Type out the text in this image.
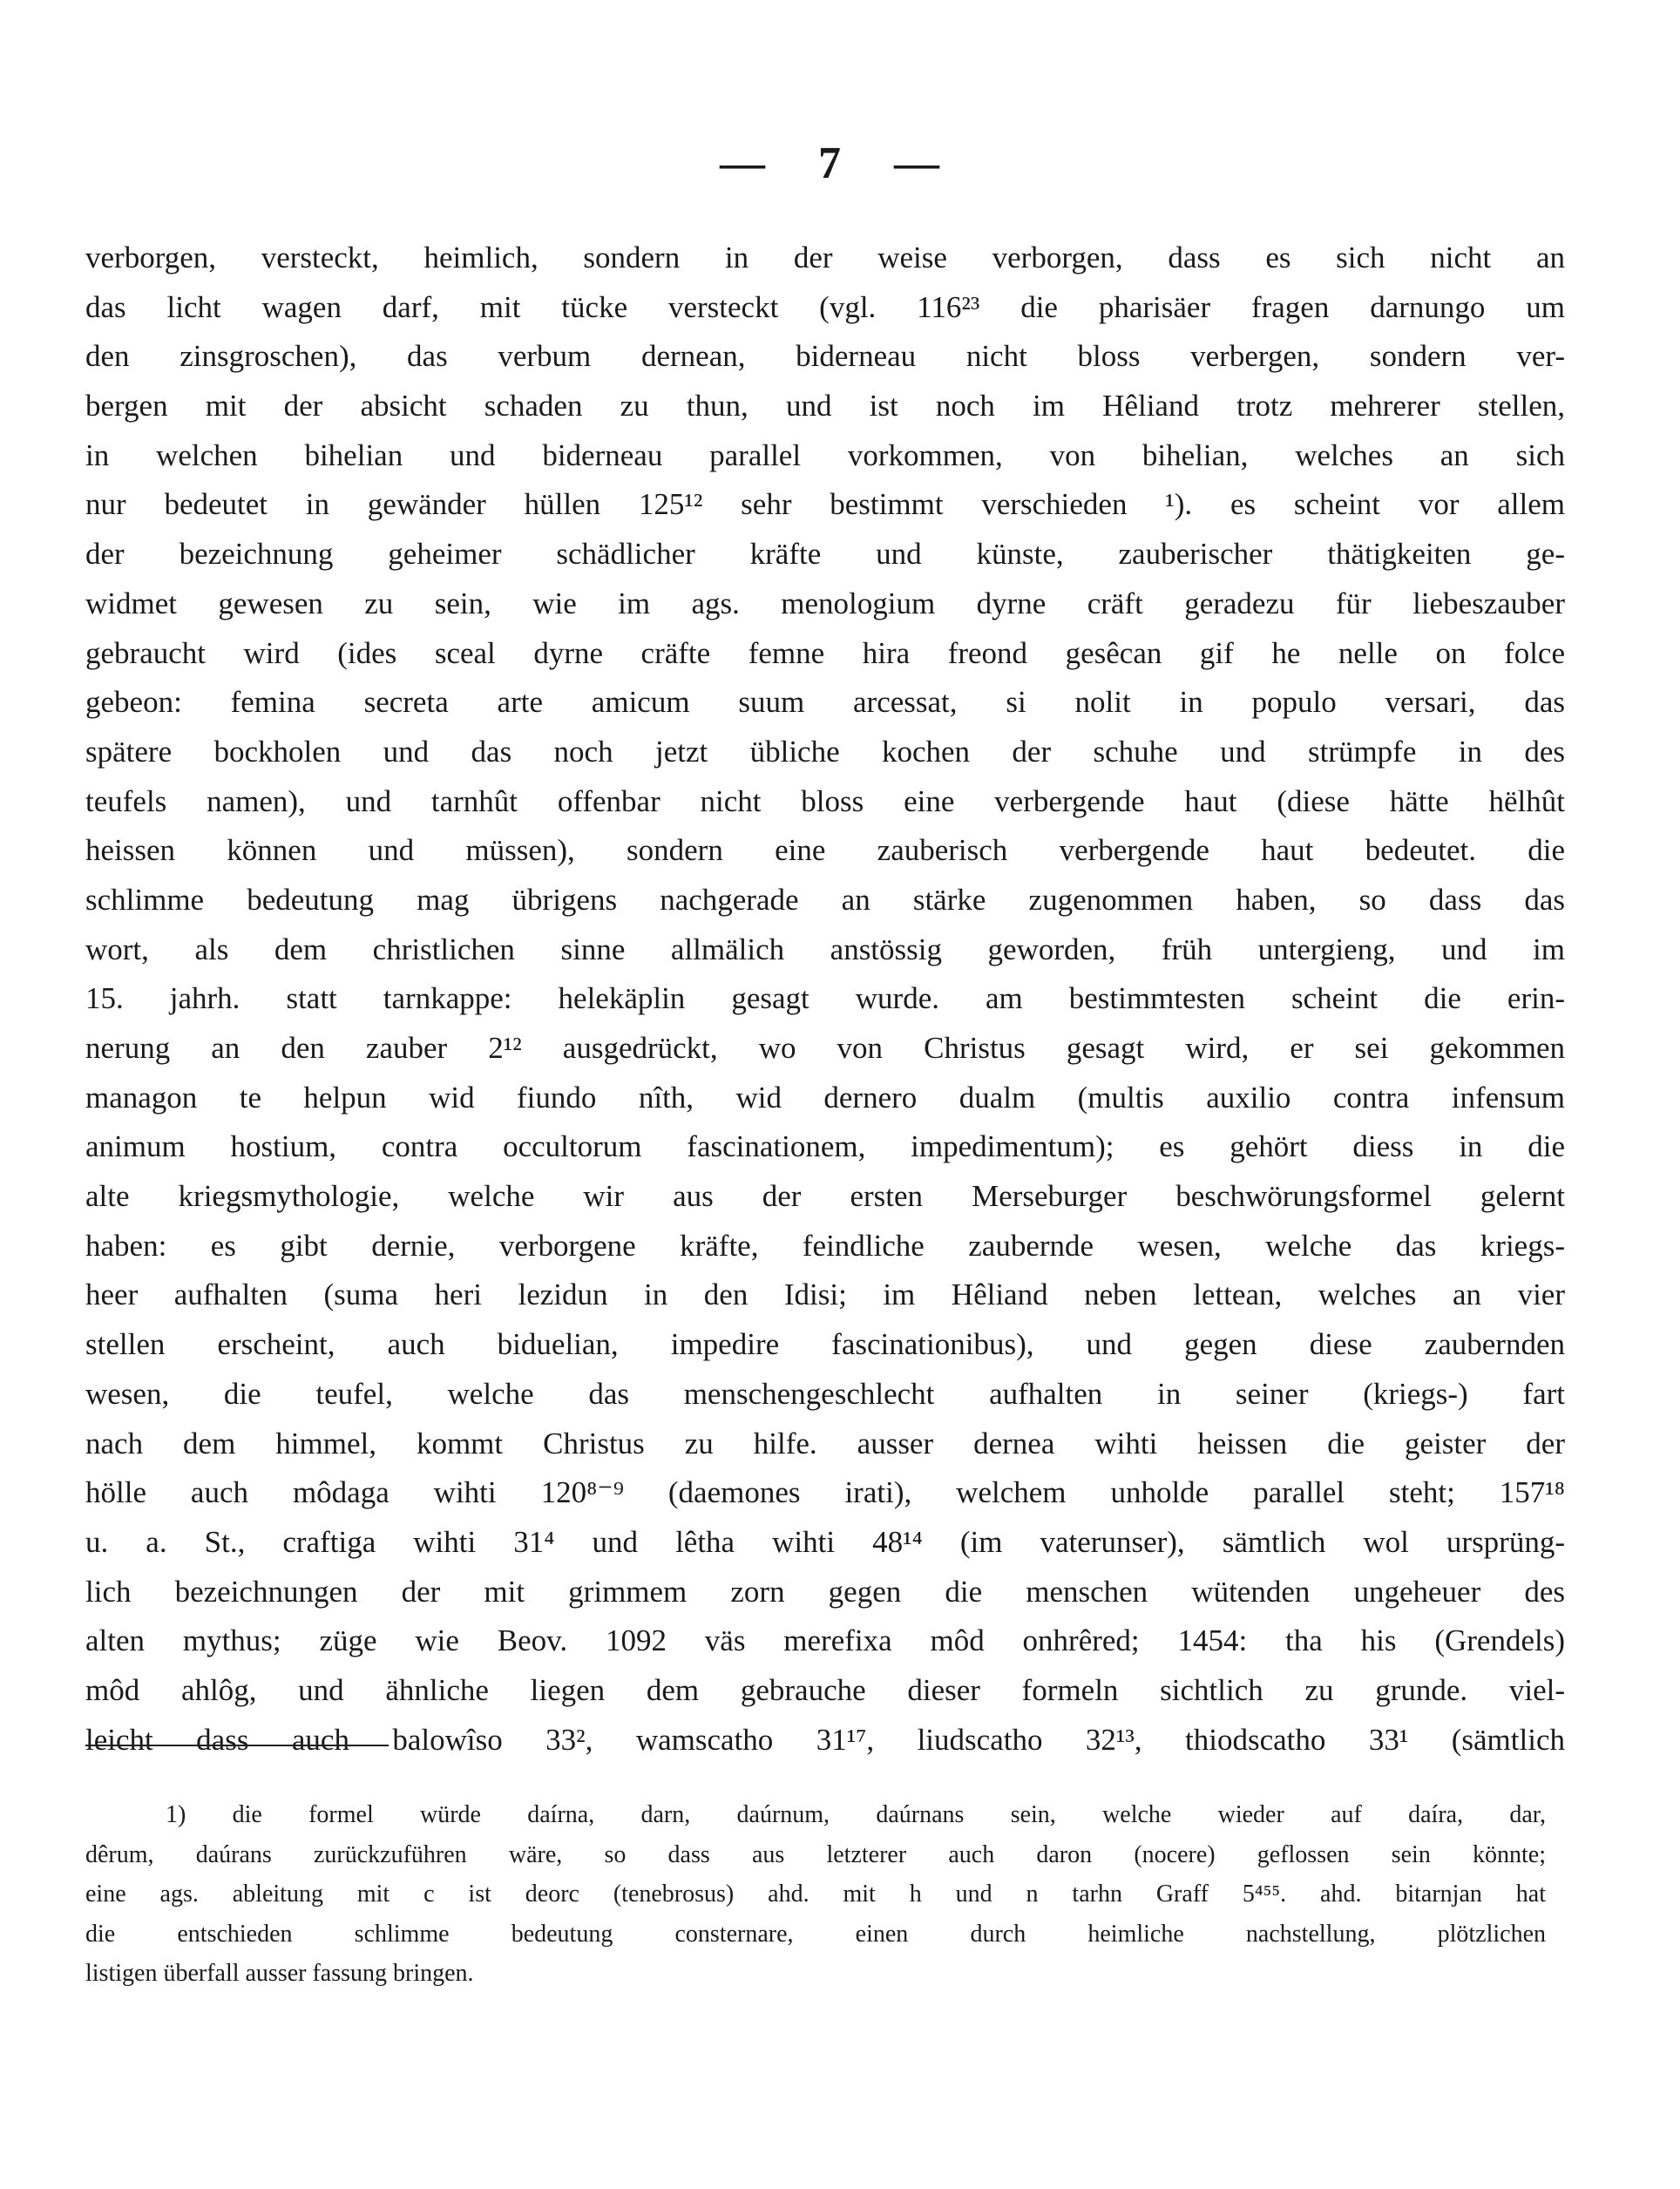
— 7 —
verborgen, versteckt, heimlich, sondern in der weise verborgen, dass es sich nicht an
das licht wagen darf, mit tücke versteckt (vgl. 116²³ die pharisäer fragen darnungo um
den zinsgroschen), das verbum dernean, biderneau nicht bloss verbergen, sondern ver-
bergen mit der absicht schaden zu thun, und ist noch im Hêliand trotz mehrerer stellen,
in welchen bihelian und biderneau parallel vorkommen, von bihelian, welches an sich
nur bedeutet in gewänder hüllen 125¹² sehr bestimmt verschieden ¹). es scheint vor allem
der bezeichnung geheimer schädlicher kräfte und künste, zauberischer thätigkeiten ge-
widmet gewesen zu sein, wie im ags. menologium dyrne cräft geradezu für liebeszauber
gebraucht wird (ides sceal dyrne cräfte femne hira freond gesêcan gif he nelle on folce
gebeon: femina secreta arte amicum suum arcessat, si nolit in populo versari, das
spätere bockholen und das noch jetzt übliche kochen der schuhe und strümpfe in des
teufels namen), und tarnhût offenbar nicht bloss eine verbergende haut (diese hätte hëlhût
heissen können und müssen), sondern eine zauberisch verbergende haut bedeutet. die
schlimme bedeutung mag übrigens nachgerade an stärke zugenommen haben, so dass das
wort, als dem christlichen sinne allmälich anstössig geworden, früh untergieng, und im
15. jahrh. statt tarnkappe: helekäplin gesagt wurde. am bestimmtesten scheint die erin-
nerung an den zauber 2¹² ausgedrückt, wo von Christus gesagt wird, er sei gekommen
managon te helpun wid fiundo nîth, wid dernero dualm (multis auxilio contra infensum
animum hostium, contra occultorum fascinationem, impedimentum); es gehört diess in die
alte kriegsmythologie, welche wir aus der ersten Merseburger beschwörungsformel gelernt
haben: es gibt dernie, verborgene kräfte, feindliche zaubernde wesen, welche das kriegs-
heer aufhalten (suma heri lezidun in den Idisi; im Hêliand neben lettean, welches an vier
stellen erscheint, auch biduelian, impedire fascinationibus), und gegen diese zaubernden
wesen, die teufel, welche das menschengeschlecht aufhalten in seiner (kriegs-) fart
nach dem himmel, kommt Christus zu hilfe. ausser dernea wihti heissen die geister der
hölle auch môdaga wihti 120⁸⁻⁹ (daemones irati), welchem unholde parallel steht; 157¹⁸
u. a. St., craftiga wihti 31⁴ und lêtha wihti 48¹⁴ (im vaterunser), sämtlich wol ursprüng-
lich bezeichnungen der mit grimmem zorn gegen die menschen wütenden ungeheuer des
alten mythus; züge wie Beov. 1092 väs merefixa môd onhrêred; 1454: tha his (Grendels)
môd ahlôg, und ähnliche liegen dem gebrauche dieser formeln sichtlich zu grunde. viel-
leicht dass auch balowîso 33², wamscatho 31¹⁷, liudscatho 32¹³, thiodscatho 33¹ (sämtlich
1) die formel würde daírna, darn, daúrnum, daúrnans sein, welche wieder auf daíra, dar,
dêrum, daúrans zurückzuführen wäre, so dass aus letzterer auch daron (nocere) geflossen sein könnte;
eine ags. ableitung mit c ist deorc (tenebrosus) ahd. mit h und n tarhn Graff 5⁴⁵⁵. ahd. bitarnjan hat
die entschieden schlimme bedeutung consternare, einen durch heimliche nachstellung, plötzlichen
listigen überfall ausser fassung bringen.
